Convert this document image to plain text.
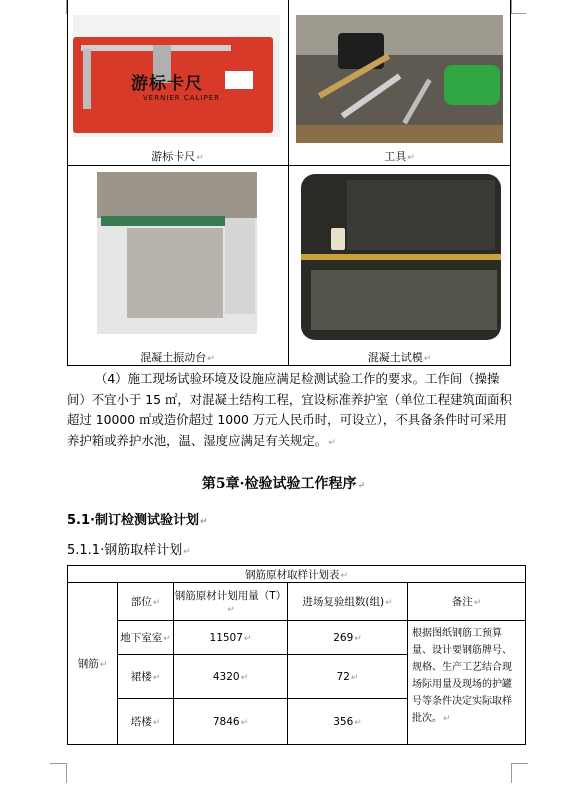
游标卡尺
VERNIER CALIPER
游标卡尺↵	工具↵
混凝土振动台↵	混凝土试模↵
（4）施工现场试验环境及设施应满足检测试验工作的要求。工作间（操操间）不宜小于 15 ㎡，对混凝土结构工程，宜设标准养护室（单位工程建筑面面积超过 10000 ㎡或造价超过 1000 万元人民币时，可设立），不具备条件时可采用养护箱或养护水池，温、湿度应满足有关规定。↵
第5章·检验试验工作程序↵
5.1·制订检测试验计划↵
5.1.1·钢筋取样计划↵
钢筋原材取样计划表↵				
钢筋↵	部位↵	钢筋原材计划用量（T）↵	进场复验组数(组)↵	备注↵
	地下室室↵	11507↵	269↵	根据图纸钢筋工预算量、设计要钢筋牌号、规格、生产工艺结合现场际用量及现场的护罐号等条件决定实际取样批次。↵
	裙楼↵	4320↵	72↵	
	塔楼↵	7846↵	356↵	
